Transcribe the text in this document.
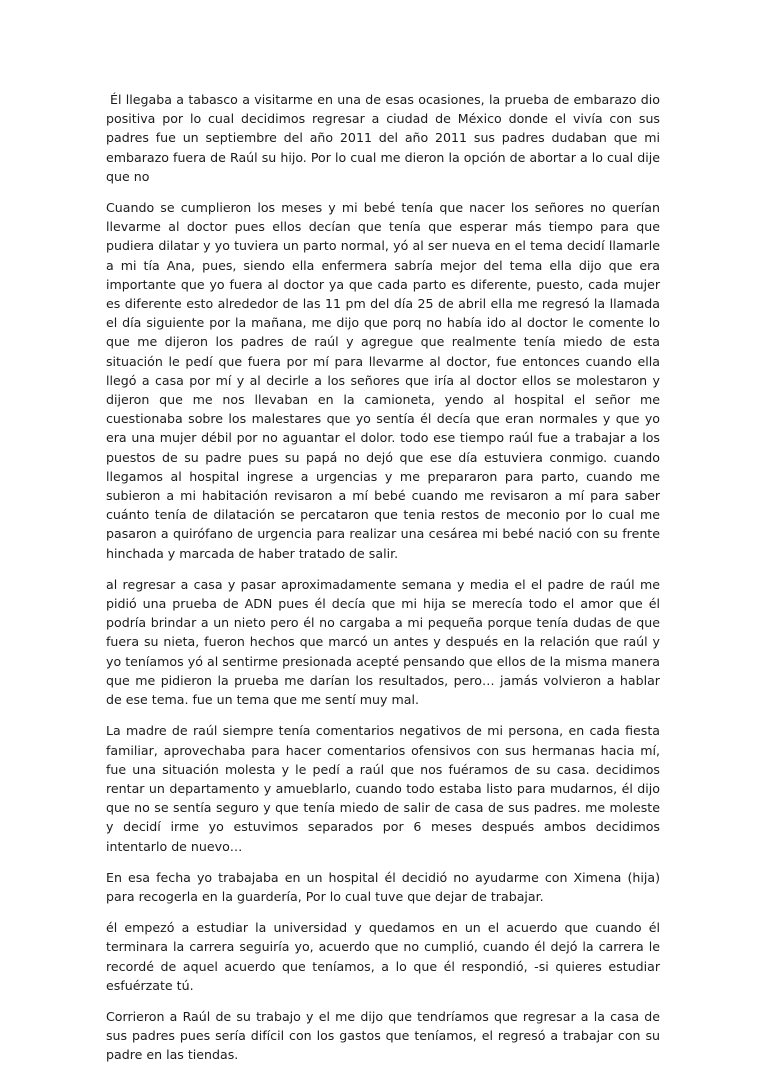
Él llegaba a tabasco a visitarme en una de esas ocasiones, la prueba de embarazo dio positiva por lo cual decidimos regresar a ciudad de México donde el vivía con sus padres fue un septiembre del año 2011 del año 2011 sus padres dudaban que mi embarazo fuera de Raúl su hijo. Por lo cual me dieron la opción de abortar a lo cual dije que no

Cuando se cumplieron los meses y mi bebé tenía que nacer los señores no querían llevarme al doctor pues ellos decían que tenía que esperar más tiempo para que pudiera dilatar y yo tuviera un parto normal, yó al ser nueva en el tema decidí llamarle a mi tía Ana, pues, siendo ella enfermera sabría mejor del tema ella dijo que era importante que yo fuera al doctor ya que cada parto es diferente, puesto, cada mujer es diferente esto alrededor de las 11 pm del día 25 de abril ella me regresó la llamada el día siguiente por la mañana, me dijo que porq no había ido al doctor le comente lo que me dijeron los padres de raúl y agregue que realmente tenía miedo de esta situación le pedí que fuera por mí para llevarme al doctor, fue entonces cuando ella llegó a casa por mí y al decirle a los señores que iría al doctor ellos se molestaron y dijeron que me nos llevaban en la camioneta, yendo al hospital el señor me cuestionaba sobre los malestares que yo sentía él decía que eran normales y que yo era una mujer débil por no aguantar el dolor. todo ese tiempo raúl fue a trabajar a los puestos de su padre pues su papá no dejó que ese día estuviera conmigo. cuando llegamos al hospital ingrese a urgencias y me prepararon para parto, cuando me subieron a mi habitación revisaron a mí bebé cuando me revisaron a mí para saber cuánto tenía de dilatación se percataron que tenia restos de meconio por lo cual me pasaron a quirófano de urgencia para realizar una cesárea mi bebé nació con su frente hinchada y marcada de haber tratado de salir.

al regresar a casa y pasar aproximadamente semana y media el el padre de raúl me pidió una prueba de ADN pues él decía que mi hija se merecía todo el amor que él podría brindar a un nieto pero él no cargaba a mi pequeña porque tenía dudas de que fuera su nieta, fueron hechos que marcó un antes y después en la relación que raúl y yo teníamos yó al sentirme presionada acepté pensando que ellos de la misma manera que me pidieron la prueba me darían los resultados, pero… jamás volvieron a hablar de ese tema. fue un tema que me sentí muy mal.

La madre de raúl siempre tenía comentarios negativos de mi persona, en cada fiesta familiar, aprovechaba para hacer comentarios ofensivos con sus hermanas hacia mí, fue una situación molesta y le pedí a raúl que nos fuéramos de su casa. decidimos rentar un departamento y amueblarlo, cuando todo estaba listo para mudarnos, él dijo que no se sentía seguro y que tenía miedo de salir de casa de sus padres. me moleste y decidí irme yo estuvimos separados por 6 meses después ambos decidimos intentarlo de nuevo…

En esa fecha yo trabajaba en un hospital él decidió no ayudarme con Ximena (hija) para recogerla en la guardería, Por lo cual tuve que dejar de trabajar.

él empezó a estudiar la universidad y quedamos en un el acuerdo que cuando él terminara la carrera seguiría yo, acuerdo que no cumplió, cuando él dejó la carrera le recordé de aquel acuerdo que teníamos, a lo que él respondió, -si quieres estudiar esfuérzate tú.

Corrieron a Raúl de su trabajo y el me dijo que tendríamos que regresar a la casa de sus padres pues sería difícil con los gastos que teníamos, el regresó a trabajar con su padre en las tiendas.
